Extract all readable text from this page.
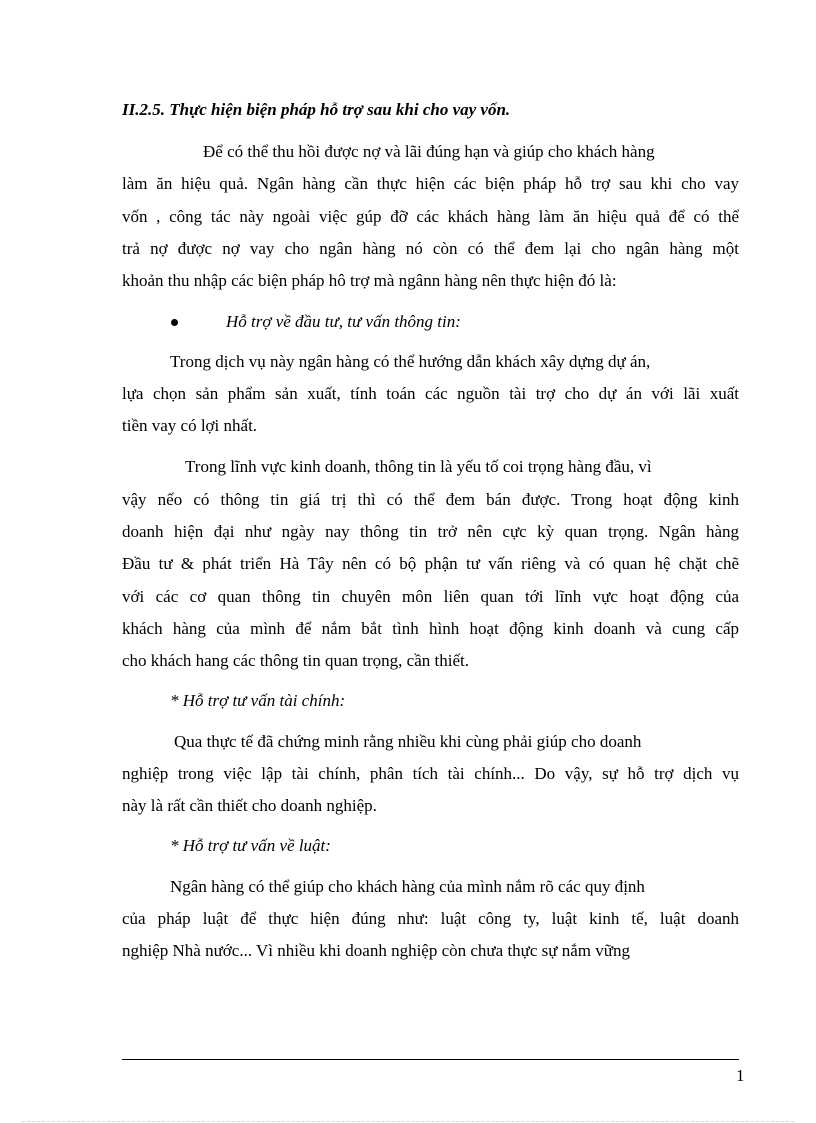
II.2.5. Thực hiện biện pháp hỗ trợ sau khi cho vay vốn.
Để có thể thu hồi được nợ và lãi đúng hạn và giúp cho khách hàng
làm ăn hiệu quả. Ngân hàng cần thực hiện các biện pháp hỗ trợ sau khi cho vay
vốn , công tác này ngoài việc gúp đỡ các khách hàng làm ăn hiệu quả để có thể
trả nợ được nợ vay cho ngân hàng nó còn có thể đem lại cho ngân hàng một
khoản thu nhập các biện pháp hô trợ mà ngânn hàng nên thực hiện đó là:
Hỗ trợ về đầu tư, tư vấn thông tin:
Trong dịch vụ này ngân hàng có thể hướng dẫn khách xây dựng dự án,
lựa chọn sản phẩm sản xuất, tính toán các nguồn tài trợ cho dự án với lãi xuất
tiền vay có lợi nhất.
Trong lĩnh vực kinh doanh, thông tin là yếu tố coi trọng hàng đầu, vì
vậy nếo có thông tin giá trị thì có thể đem bán được. Trong hoạt động kinh
doanh hiện đại như ngày nay thông tin trở nên cực kỳ quan trọng. Ngân hàng
Đầu tư & phát triển Hà Tây nên có bộ phận tư vấn riêng và có quan hệ chặt chẽ
với các cơ quan thông tin chuyên môn liên quan tới lĩnh vực hoạt động của
khách hàng của mình để nắm bắt tình hình hoạt động kinh doanh và cung cấp
cho khách hang các thông tin quan trọng, cần thiết.
* Hỗ trợ tư vấn tài chính:
Qua thực tế đã chứng minh rằng nhiều khi cùng phải giúp cho doanh
nghiệp trong việc lập tài chính, phân tích tài chính... Do vậy, sự hỗ trợ dịch vụ
này là rất cần thiết cho doanh nghiệp.
* Hỗ trợ tư vấn về luật:
Ngân hàng có thể giúp cho khách hàng của mình nắm rõ các quy định
của pháp luật để thực hiện đúng như: luật công ty, luật kinh tế, luật doanh
nghiệp Nhà nước... Vì nhiều khi doanh nghiệp còn chưa thực sự nắm vững
1
